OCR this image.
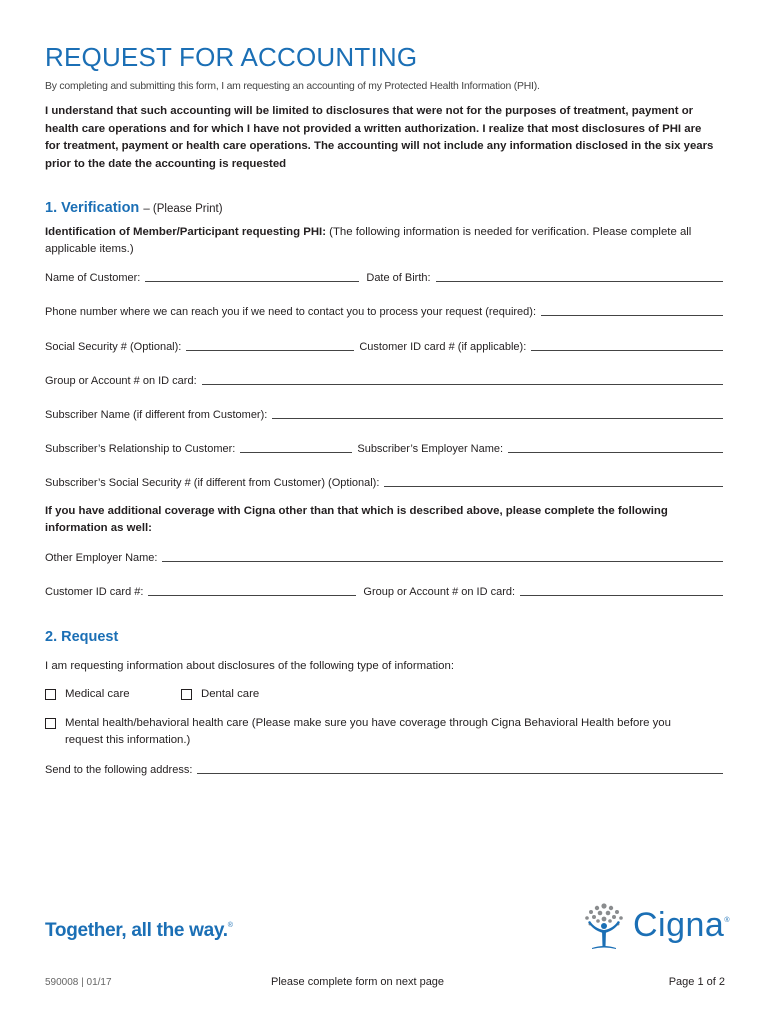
REQUEST FOR ACCOUNTING
By completing and submitting this form, I am requesting an accounting of my Protected Health Information (PHI).
I understand that such accounting will be limited to disclosures that were not for the purposes of treatment, payment or health care operations and for which I have not provided a written authorization. I realize that most disclosures of PHI are for treatment, payment or health care operations. The accounting will not include any information disclosed in the six years prior to the date the accounting is requested
1. Verification – (Please Print)
Identification of Member/Participant requesting PHI: (The following information is needed for verification. Please complete all applicable items.)
Name of Customer:	Date of Birth:
Phone number where we can reach you if we need to contact you to process your request (required):
Social Security # (Optional):	Customer ID card # (if applicable):
Group or Account # on ID card:
Subscriber Name (if different from Customer):
Subscriber’s Relationship to Customer:	Subscriber’s Employer Name:
Subscriber’s Social Security # (if different from Customer) (Optional):
If you have additional coverage with Cigna other than that which is described above, please complete the following information as well:
Other Employer Name:
Customer ID card #:	Group or Account # on ID card:
2. Request
I am requesting information about disclosures of the following type of information:
Medical care	Dental care
Mental health/behavioral health care (Please make sure you have coverage through Cigna Behavioral Health before you request this information.)
Send to the following address:
Together, all the way.®	Cigna®
590008 | 01/17	Please complete form on next page	Page 1 of 2
